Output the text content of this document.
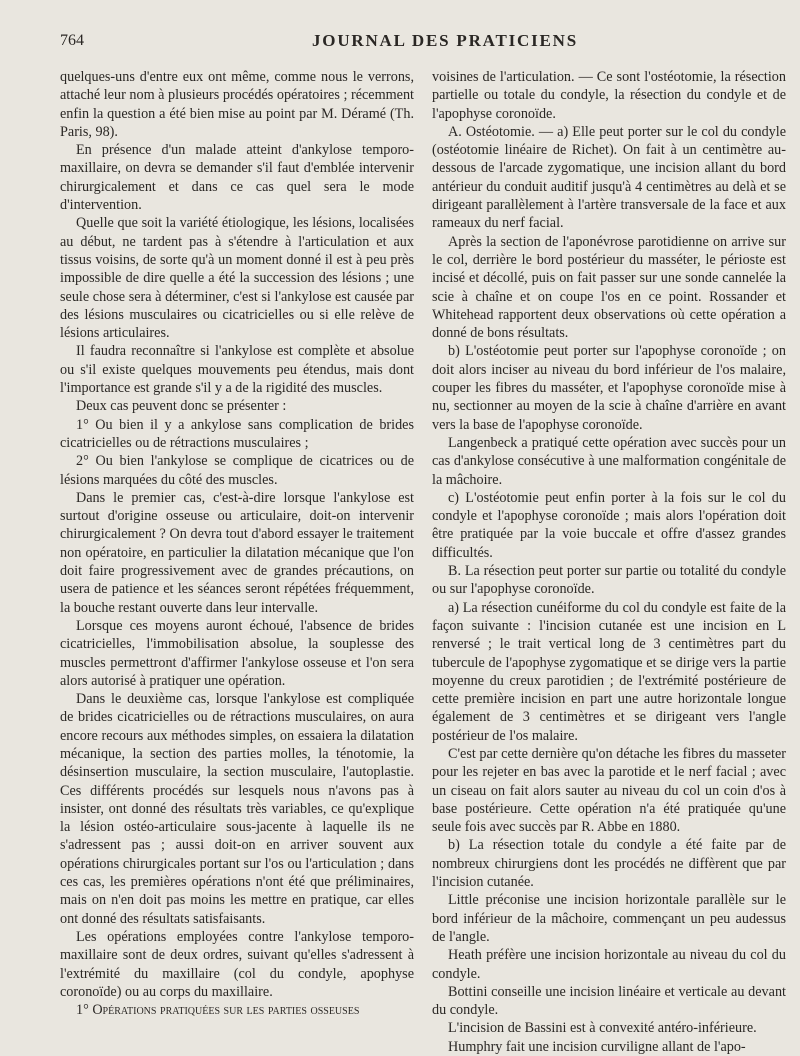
764	JOURNAL DES PRATICIENS

quelques-uns d'entre eux ont même, comme nous le verrons, attaché leur nom à plusieurs procédés opératoires ; récemment enfin la question a été bien mise au point par M. Déramé (Th. Paris, 98).

En présence d'un malade atteint d'ankylose temporo-maxillaire, on devra se demander s'il faut d'emblée intervenir chirurgicalement et dans ce cas quel sera le mode d'intervention.

Quelle que soit la variété étiologique, les lésions, localisées au début, ne tardent pas à s'étendre à l'articulation et aux tissus voisins, de sorte qu'à un moment donné il est à peu près impossible de dire quelle a été la succession des lésions ; une seule chose sera à déterminer, c'est si l'ankylose est causée par des lésions musculaires ou cicatricielles ou si elle relève de lésions articulaires.

Il faudra reconnaître si l'ankylose est complète et absolue ou s'il existe quelques mouvements peu étendus, mais dont l'importance est grande s'il y a de la rigidité des muscles.

Deux cas peuvent donc se présenter :

1° Ou bien il y a ankylose sans complication de brides cicatricielles ou de rétractions musculaires ;

2° Ou bien l'ankylose se complique de cicatrices ou de lésions marquées du côté des muscles.

Dans le premier cas, c'est-à-dire lorsque l'ankylose est surtout d'origine osseuse ou articulaire, doit-on intervenir chirurgicalement ? On devra tout d'abord essayer le traitement non opératoire, en particulier la dilatation mécanique que l'on doit faire progressivement avec de grandes précautions, on usera de patience et les séances seront répétées fréquemment, la bouche restant ouverte dans leur intervalle.

Lorsque ces moyens auront échoué, l'absence de brides cicatricielles, l'immobilisation absolue, la souplesse des muscles permettront d'affirmer l'ankylose osseuse et l'on sera alors autorisé à pratiquer une opération.

Dans le deuxième cas, lorsque l'ankylose est compliquée de brides cicatricielles ou de rétractions musculaires, on aura encore recours aux méthodes simples, on essaiera la dilatation mécanique, la section des parties molles, la ténotomie, la désinsertion musculaire, la section musculaire, l'autoplastie. Ces différents procédés sur lesquels nous n'avons pas à insister, ont donné des résultats très variables, ce qu'explique la lésion ostéo-articulaire sous-jacente à laquelle ils ne s'adressent pas ; aussi doit-on en arriver souvent aux opérations chirurgicales portant sur l'os ou l'articulation ; dans ces cas, les premières opérations n'ont été que préliminaires, mais on n'en doit pas moins les mettre en pratique, car elles ont donné des résultats satisfaisants.

Les opérations employées contre l'ankylose temporo-maxillaire sont de deux ordres, suivant qu'elles s'adressent à l'extrémité du maxillaire (col du condyle, apophyse coronoïde) ou au corps du maxillaire.

1° Opérations pratiquées sur les parties osseuses

voisines de l'articulation. — Ce sont l'ostéotomie, la résection partielle ou totale du condyle, la résection du condyle et de l'apophyse coronoïde.

A. Ostéotomie. — a) Elle peut porter sur le col du condyle (ostéotomie linéaire de Richet). On fait à un centimètre au-dessous de l'arcade zygomatique, une incision allant du bord antérieur du conduit auditif jusqu'à 4 centimètres au delà et se dirigeant parallèlement à l'artère transversale de la face et aux rameaux du nerf facial.

Après la section de l'aponévrose parotidienne on arrive sur le col, derrière le bord postérieur du masséter, le périoste est incisé et décollé, puis on fait passer sur une sonde cannelée la scie à chaîne et on coupe l'os en ce point. Rossander et Whitehead rapportent deux observations où cette opération a donné de bons résultats.

b) L'ostéotomie peut porter sur l'apophyse coronoïde ; on doit alors inciser au niveau du bord inférieur de l'os malaire, couper les fibres du masséter, et l'apophyse coronoïde mise à nu, sectionner au moyen de la scie à chaîne d'arrière en avant vers la base de l'apophyse coronoïde.

Langenbeck a pratiqué cette opération avec succès pour un cas d'ankylose consécutive à une malformation congénitale de la mâchoire.

c) L'ostéotomie peut enfin porter à la fois sur le col du condyle et l'apophyse coronoïde ; mais alors l'opération doit être pratiquée par la voie buccale et offre d'assez grandes difficultés.

B. La résection peut porter sur partie ou totalité du condyle ou sur l'apophyse coronoïde.

a) La résection cunéiforme du col du condyle est faite de la façon suivante : l'incision cutanée est une incision en L renversé ; le trait vertical long de 3 centimètres part du tubercule de l'apophyse zygomatique et se dirige vers la partie moyenne du creux parotidien ; de l'extrémité postérieure de cette première incision en part une autre horizontale longue également de 3 centimètres et se dirigeant vers l'angle postérieur de l'os malaire.

C'est par cette dernière qu'on détache les fibres du masseter pour les rejeter en bas avec la parotide et le nerf facial ; avec un ciseau on fait alors sauter au niveau du col un coin d'os à base postérieure. Cette opération n'a été pratiquée qu'une seule fois avec succès par R. Abbe en 1880.

b) La résection totale du condyle a été faite par de nombreux chirurgiens dont les procédés ne diffèrent que par l'incision cutanée.

Little préconise une incision horizontale parallèle sur le bord inférieur de la mâchoire, commençant un peu audessus de l'angle.

Heath préfère une incision horizontale au niveau du col du condyle.

Bottini conseille une incision linéaire et verticale au devant du condyle.

L'incision de Bassini est à convexité antéro-inférieure.

Humphry fait une incision curviligne allant de l'apo-
